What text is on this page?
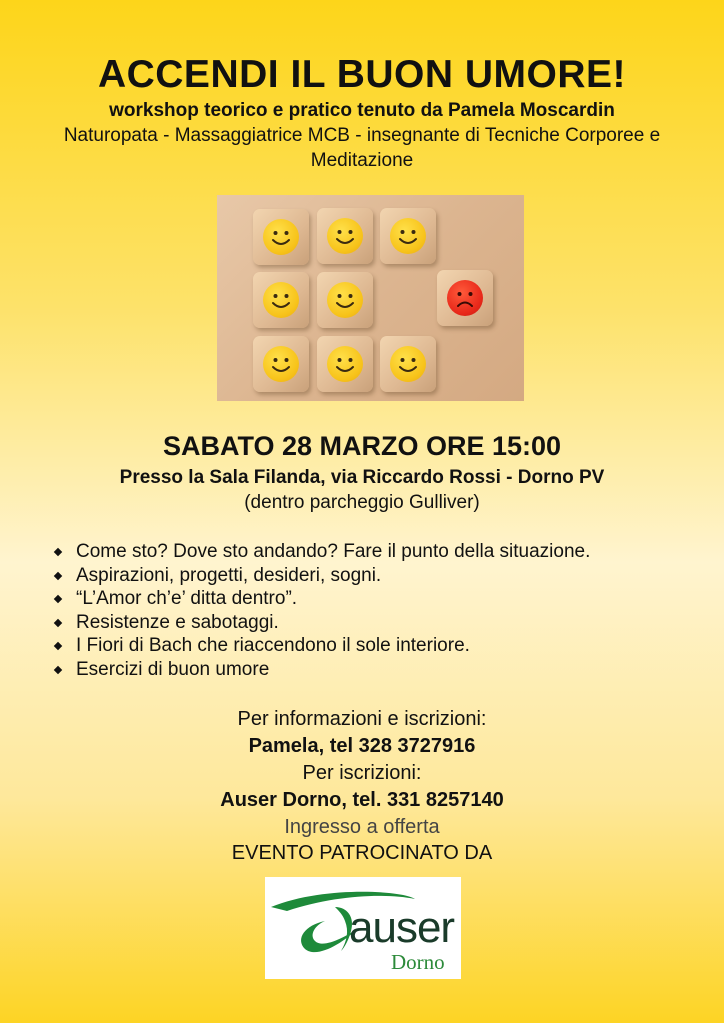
ACCENDI IL BUON UMORE!
workshop teorico e pratico tenuto da Pamela Moscardin
Naturopata - Massaggiatrice MCB - insegnante di Tecniche Corporee e Meditazione
SABATO 28 MARZO ORE 15:00
Presso la Sala Filanda, via Riccardo Rossi - Dorno PV
(dentro parcheggio Gulliver)
Come sto? Dove sto andando? Fare il punto della situazione.
Aspirazioni, progetti, desideri, sogni.
“L’Amor ch’e’ ditta dentro”.
Resistenze e sabotaggi.
I Fiori di Bach che riaccendono il sole interiore.
Esercizi di buon umore
Per informazioni e iscrizioni:
Pamela, tel 328 3727916
Per iscrizioni:
Auser Dorno, tel. 331 8257140
Ingresso a offerta
EVENTO PATROCINATO DA
auser
Dorno
